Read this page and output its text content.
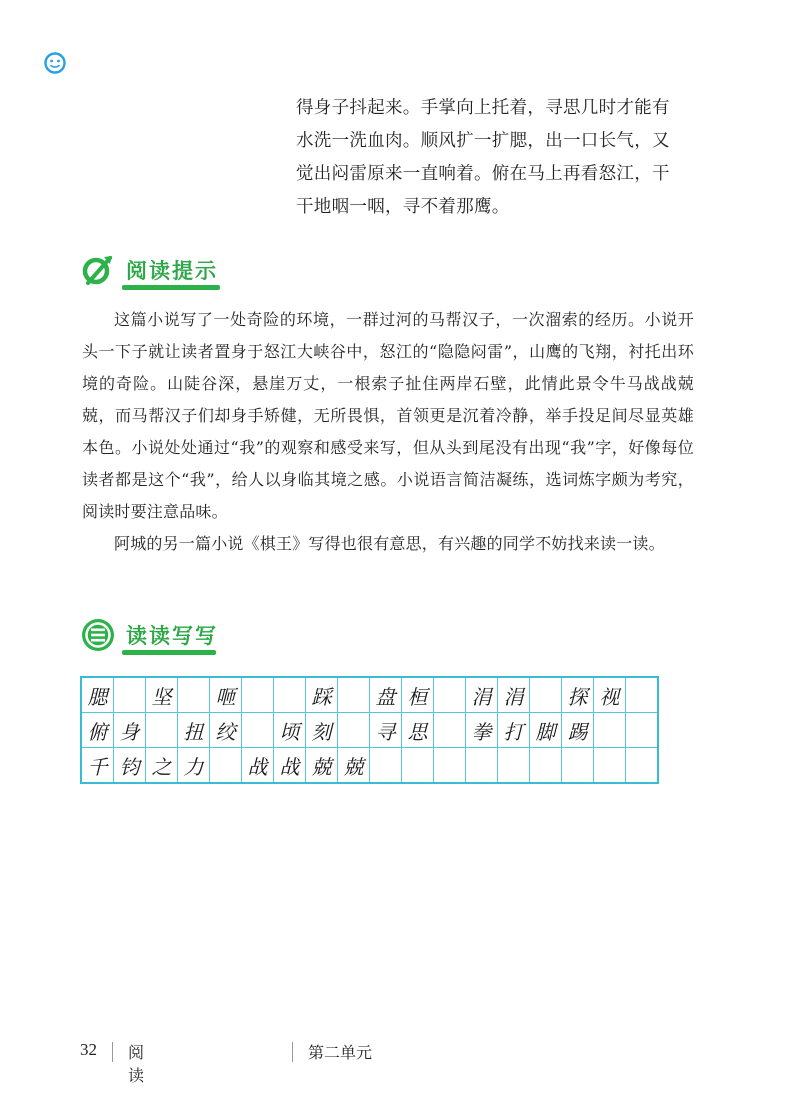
得身子抖起来。手掌向上托着，寻思几时才能有
水洗一洗血肉。顺风扩一扩腮，出一口长气，又
觉出闷雷原来一直响着。俯在马上再看怒江，干
干地咽一咽，寻不着那鹰。
阅读提示

这篇小说写了一处奇险的环境，一群过河的马帮汉子，一次溜索的经历。小说开头一下子就让读者置身于怒江大峡谷中，怒江的“隐隐闷雷”，山鹰的飞翔，衬托出环境的奇险。山陡谷深，悬崖万丈，一根索子扯住两岸石壁，此情此景令牛马战战兢兢，而马帮汉子们却身手矫健，无所畏惧，首领更是沉着冷静，举手投足间尽显英雄本色。小说处处通过“我”的观察和感受来写，但从头到尾没有出现“我”字，好像每位读者都是这个“我”，给人以身临其境之感。小说语言简洁凝练，选词炼字颇为考究，阅读时要注意品味。

阿城的另一篇小说《棋王》写得也很有意思，有兴趣的同学不妨找来读一读。

读读写写
腮		坚		咂			踩		盘	桓		涓	涓		探	视	
俯	身		扭	绞		顷	刻		寻	思		拳	打	脚	踢		
千	钧	之	力		战	战	兢	兢									
32 阅读
第二单元
